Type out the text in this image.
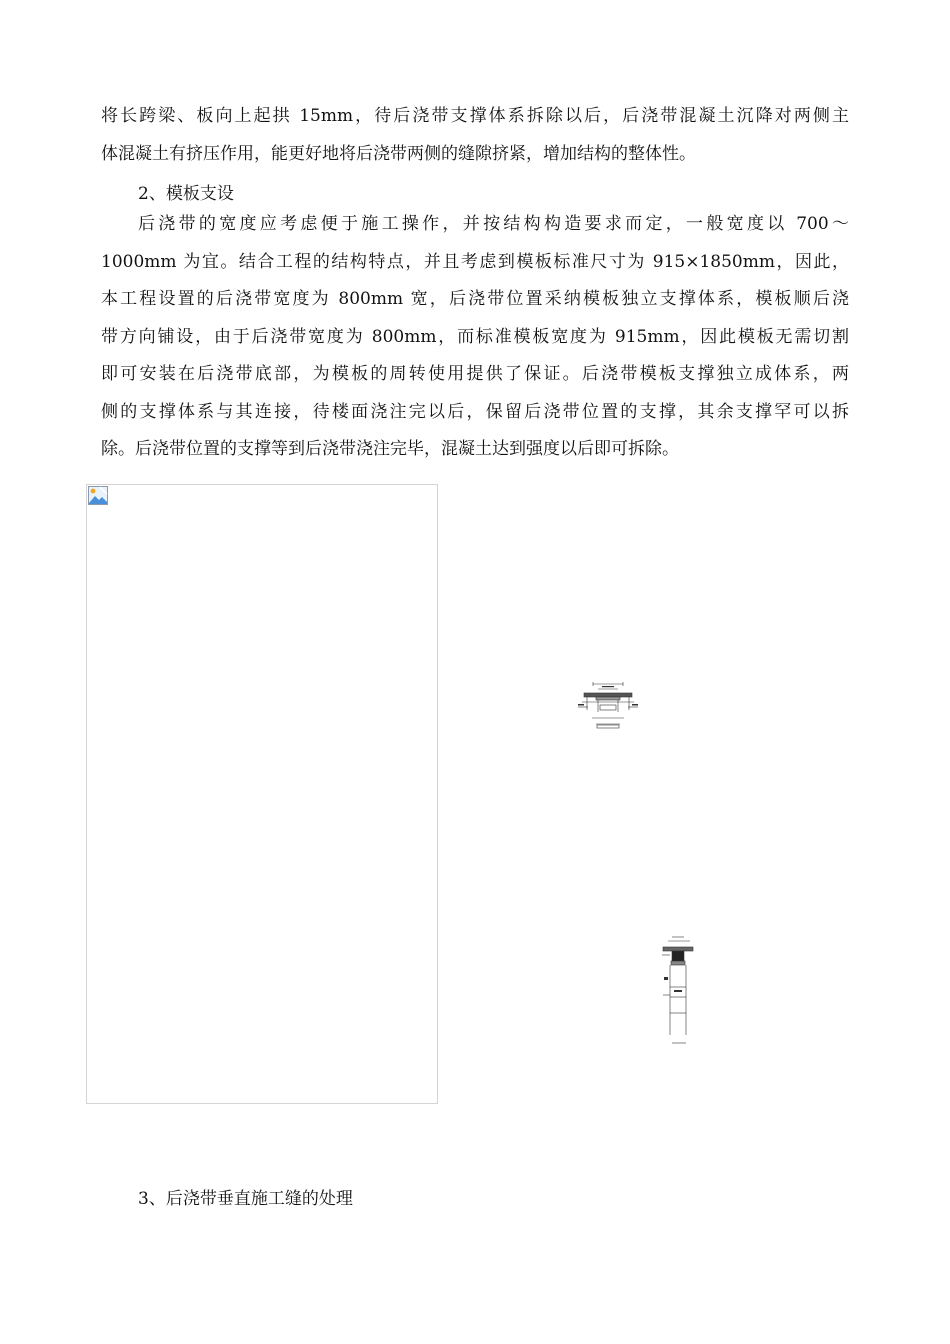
将长跨梁、板向上起拱 15mm，待后浇带支撑体系拆除以后，后浇带混凝土沉降对两侧主
体混凝土有挤压作用，能更好地将后浇带两侧的缝隙挤紧，增加结构的整体性。
2、模板支设
后浇带的宽度应考虑便于施工操作，并按结构构造要求而定，一般宽度以 700～
1000mm 为宜。结合工程的结构特点，并且考虑到模板标准尺寸为 915×1850mm，因此，
本工程设置的后浇带宽度为 800mm 宽，后浇带位置采纳模板独立支撑体系，模板顺后浇
带方向铺设，由于后浇带宽度为 800mm，而标准模板宽度为 915mm，因此模板无需切割
即可安装在后浇带底部，为模板的周转使用提供了保证。后浇带模板支撑独立成体系，两
侧的支撑体系与其连接，待楼面浇注完以后，保留后浇带位置的支撑，其余支撑罕可以拆
除。后浇带位置的支撑等到后浇带浇注完毕，混凝土达到强度以后即可拆除。
3、后浇带垂直施工缝的处理
